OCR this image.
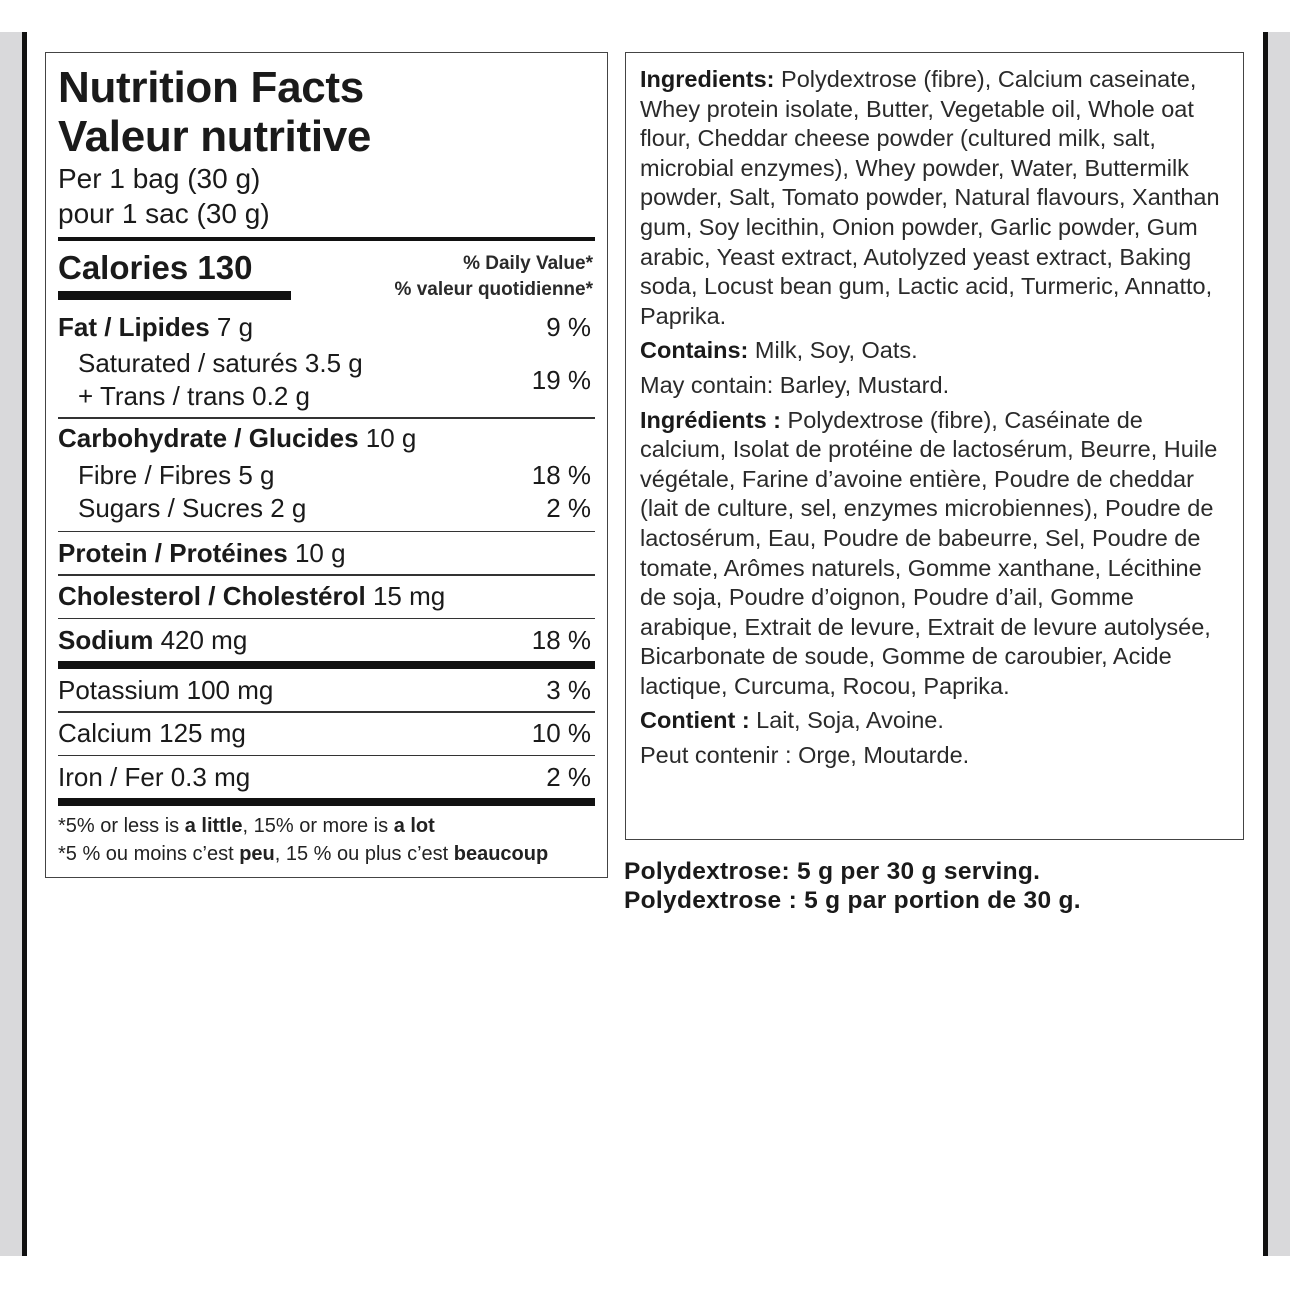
Nutrition Facts
Valeur nutritive
Per 1 bag (30 g)
pour 1 sac (30 g)
Calories 130	% Daily Value*
% valeur quotidienne*
Fat / Lipides 7 g	9 %
Saturated / saturés 3.5 g
+ Trans / trans 0.2 g
19 %
Carbohydrate / Glucides 10 g
Fibre / Fibres 5 g	18 %
Sugars / Sucres 2 g	2 %
Protein / Protéines 10 g
Cholesterol / Cholestérol 15 mg
Sodium 420 mg	18 %
Potassium 100 mg	3 %
Calcium 125 mg	10 %
Iron / Fer 0.3 mg	2 %
*5% or less is a little, 15% or more is a lot
*5 % ou moins c’est peu, 15 % ou plus c’est beaucoup

Ingredients: Polydextrose (fibre), Calcium caseinate, Whey protein isolate, Butter, Vegetable oil, Whole oat flour, Cheddar cheese powder (cultured milk, salt, microbial enzymes), Whey powder, Water, Buttermilk powder, Salt, Tomato powder, Natural flavours, Xanthan gum, Soy lecithin, Onion powder, Garlic powder, Gum arabic, Yeast extract, Autolyzed yeast extract, Baking soda, Locust bean gum, Lactic acid, Turmeric, Annatto, Paprika.

Contains: Milk, Soy, Oats.

May contain: Barley, Mustard.

Ingrédients : Polydextrose (fibre), Caséinate de calcium, Isolat de protéine de lactosérum, Beurre, Huile végétale, Farine d’avoine entière, Poudre de cheddar (lait de culture, sel, enzymes microbiennes), Poudre de lactosérum, Eau, Poudre de babeurre, Sel, Poudre de tomate, Arômes naturels, Gomme xanthane, Lécithine de soja, Poudre d’oignon, Poudre d’ail, Gomme arabique, Extrait de levure, Extrait de levure autolysée, Bicarbonate de soude, Gomme de caroubier, Acide lactique, Curcuma, Rocou, Paprika.

Contient : Lait, Soja, Avoine.

Peut contenir : Orge, Moutarde.

Polydextrose: 5 g per 30 g serving.
Polydextrose : 5 g par portion de 30 g.
